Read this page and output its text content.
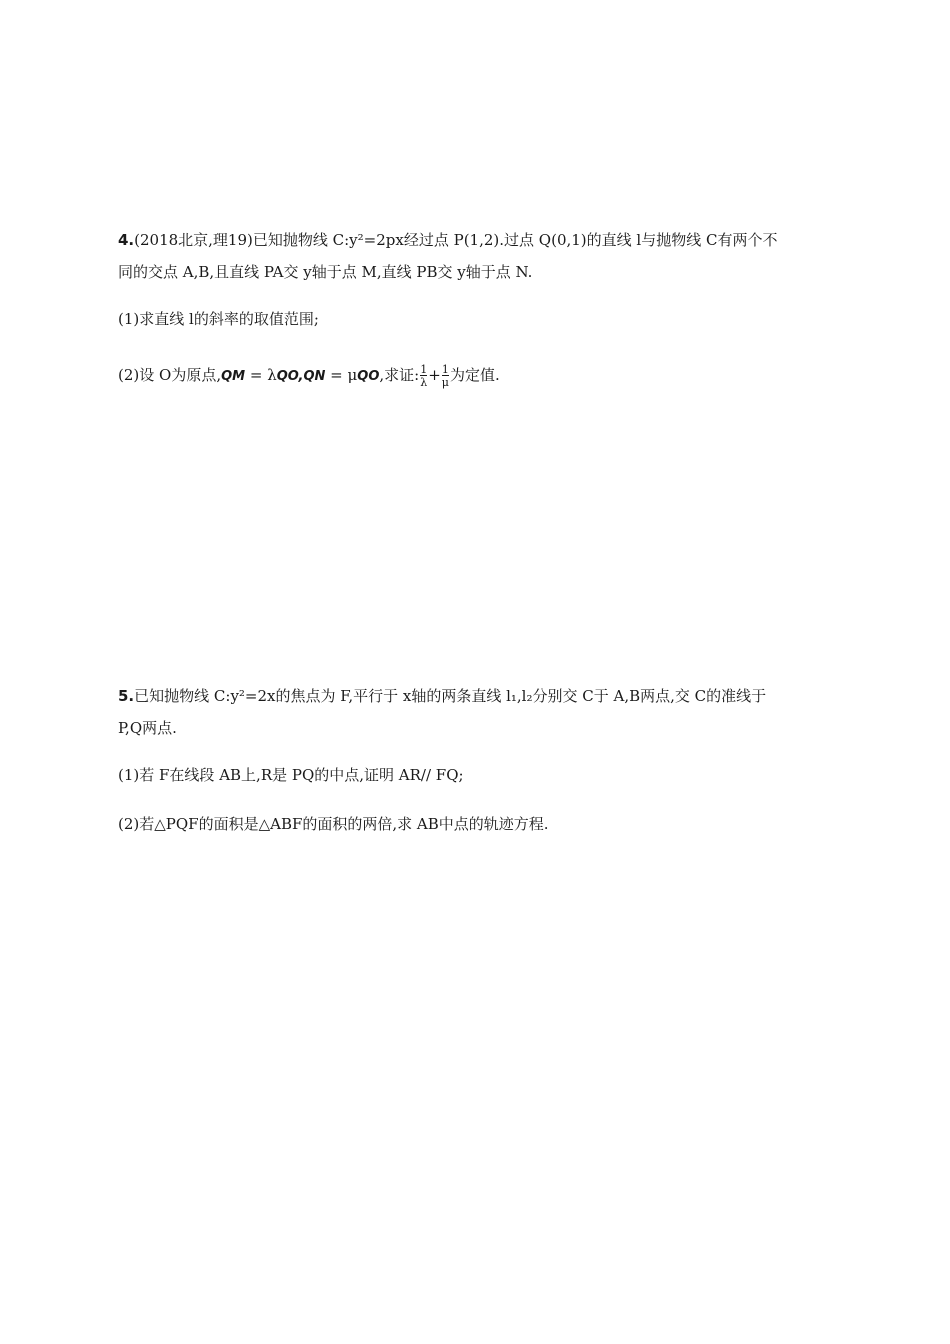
4.(2018北京,理19)已知抛物线 C:y²=2px经过点 P(1,2).过点 Q(0,1)的直线 l与抛物线 C有两个不
同的交点 A,B,且直线 PA交 y轴于点 M,直线 PB交 y轴于点 N.
(1)求直线 l的斜率的取值范围;
(2)设 O为原点,QM = λQO,QN = μQO,求证: $\frac{1}{\lambda} + \frac{1}{\mu}$ 为定值.
5.已知抛物线 C:y²=2x的焦点为 F,平行于 x轴的两条直线 l₁,l₂分别交 C于 A,B两点,交 C的准线于
P,Q两点.
(1)若 F在线段 AB上,R是 PQ的中点,证明 AR// FQ;
(2)若△PQF的面积是△ABF的面积的两倍,求 AB中点的轨迹方程.
